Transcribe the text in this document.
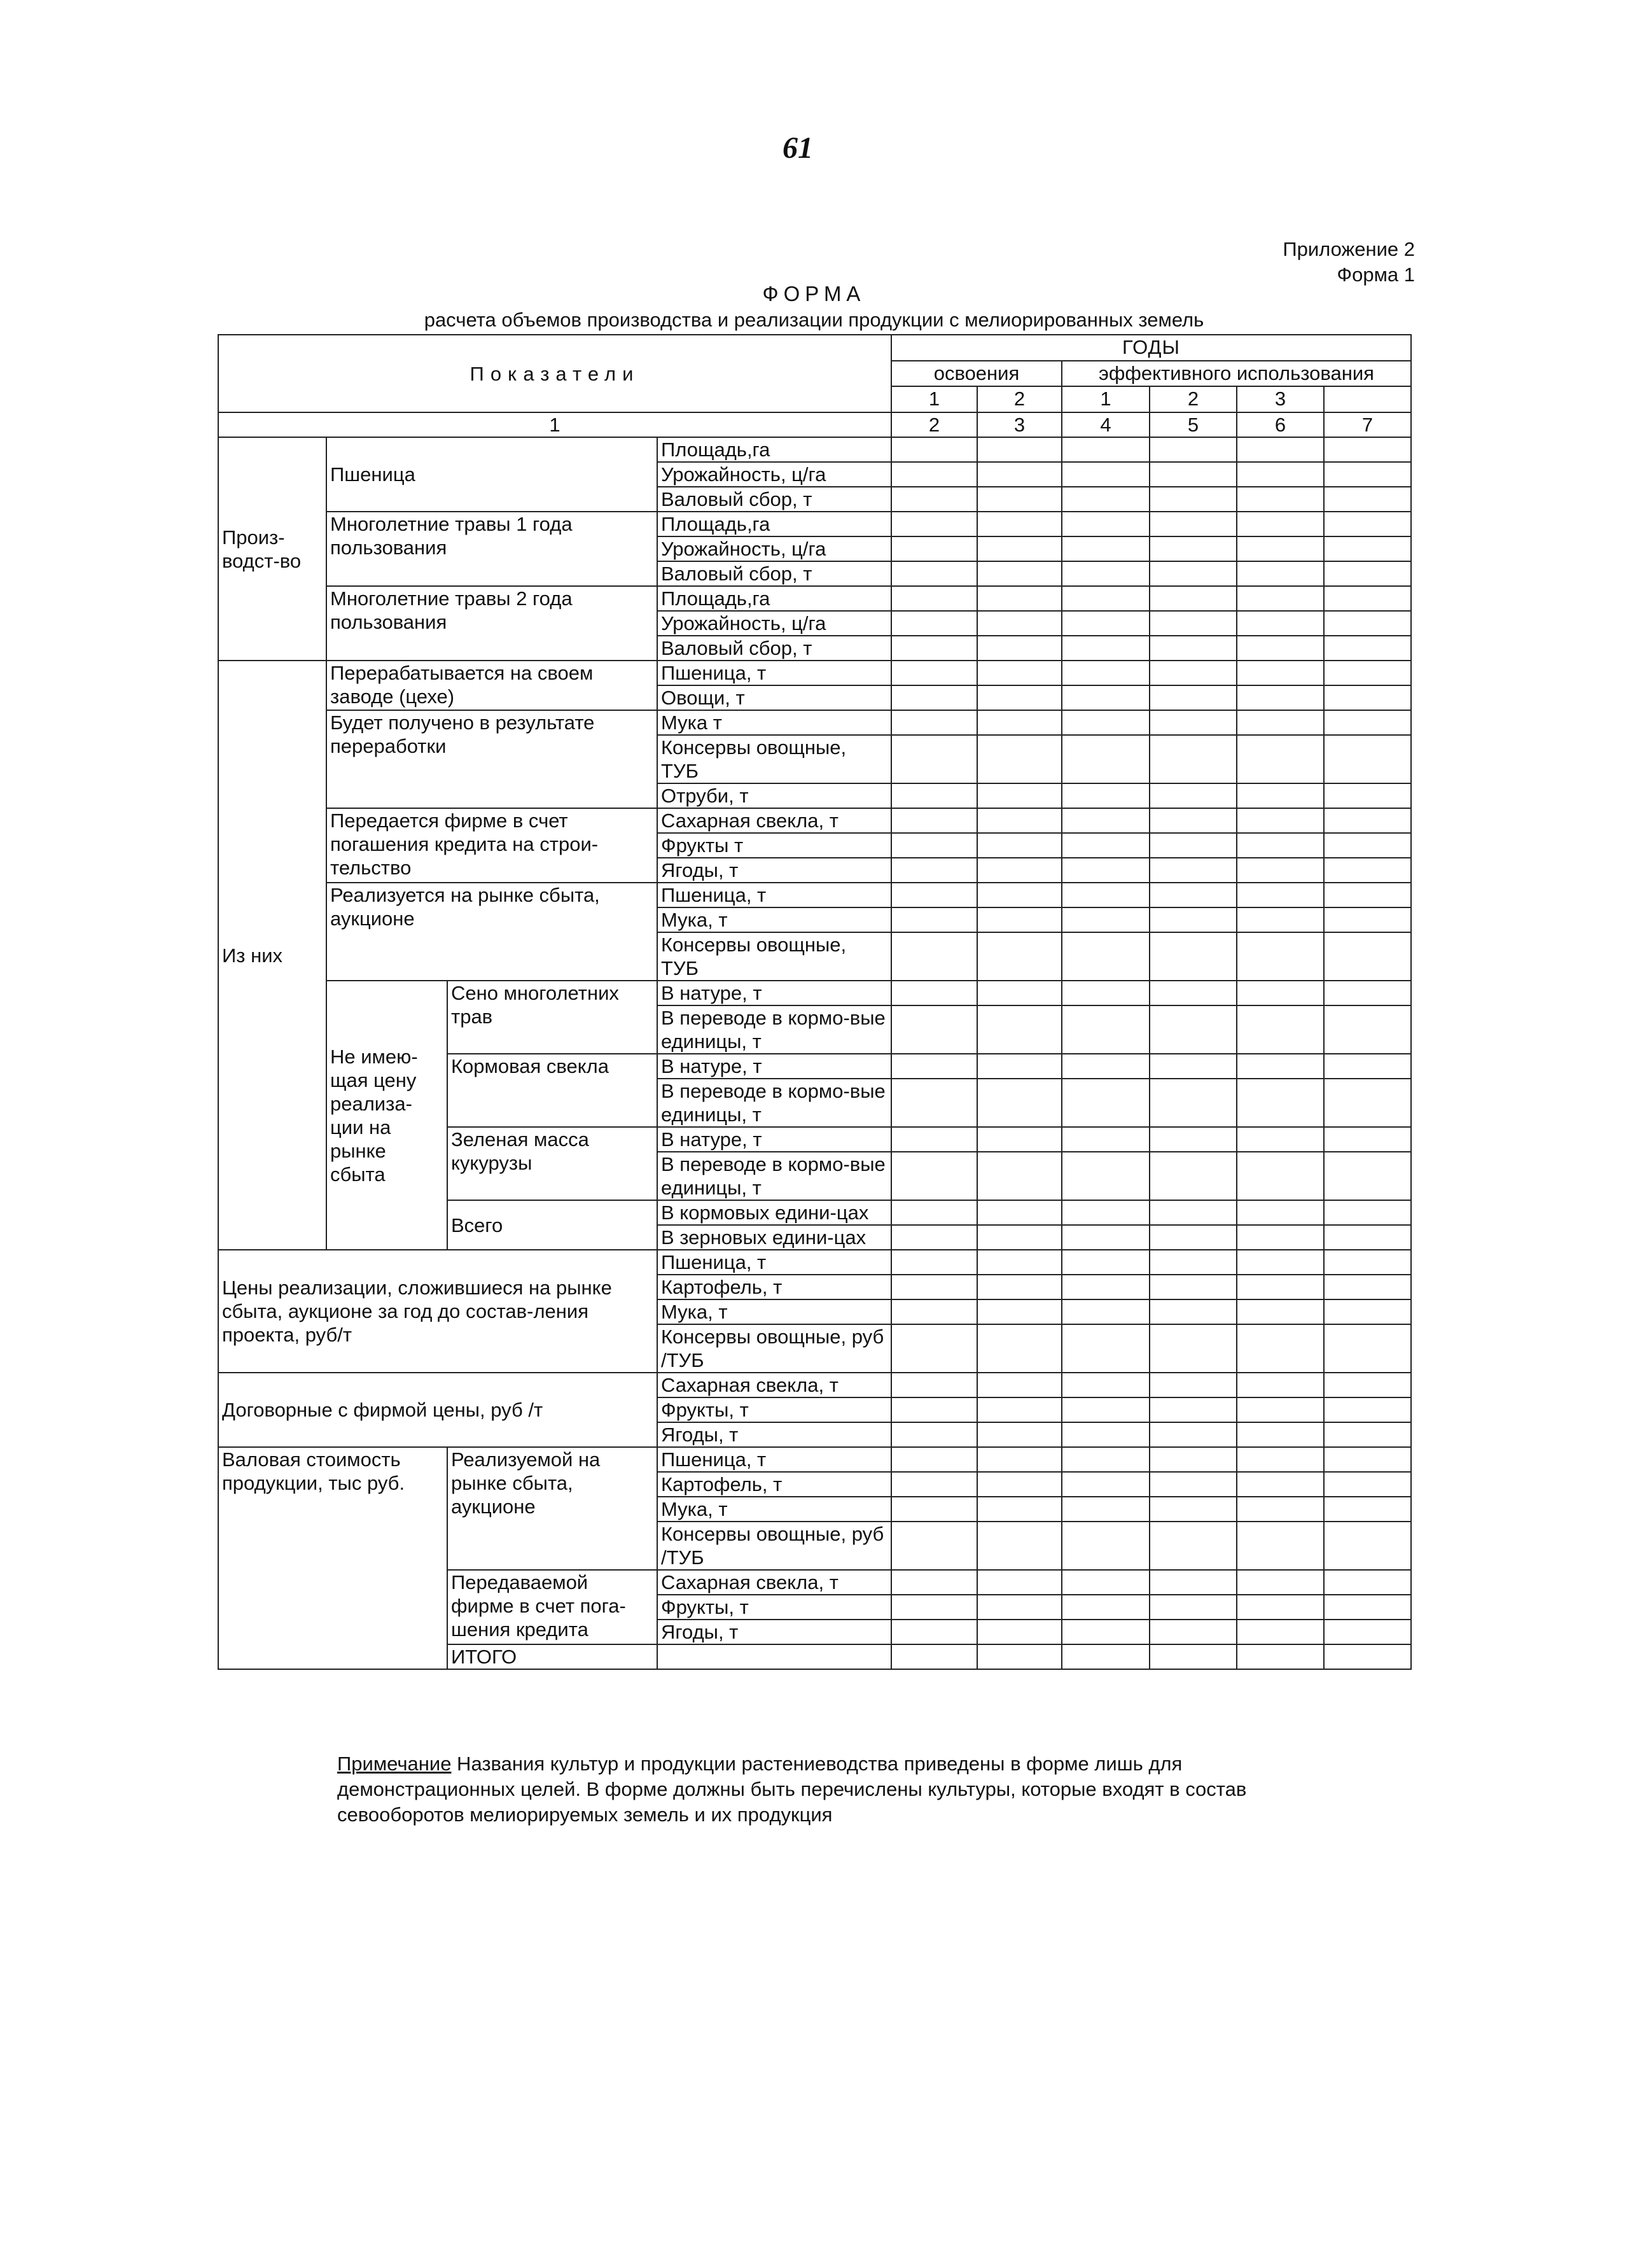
61
Приложение 2
Форма 1
ФОРМА
расчета объемов производства и реализации продукции с мелиорированных земель
Показатели				ГОДЫ					
				освоения		эффективного использования			
				1	2	1	2	3	
1				2	3	4	5	6	7
Произ-водст-во	Пшеница		Площадь,га						
			Урожайность, ц/га						
			Валовый сбор, т						
	Многолетние травы 1 года пользования		Площадь,га						
			Урожайность, ц/га						
			Валовый сбор, т						
	Многолетние травы 2 года пользования		Площадь,га						
			Урожайность, ц/га						
			Валовый сбор, т						
Из них	Перерабатывается на своем заводе (цехе)		Пшеница, т						
			Овощи, т						
	Будет получено в результате переработки		Мука т						
			Консервы овощные, ТУБ						
			Отруби, т						
	Передается фирме в счет погашения кредита на строи-тельство		Сахарная свекла, т						
			Фрукты т						
			Ягоды, т						
	Реализуется на рынке сбыта, аукционе		Пшеница, т						
			Мука, т						
			Консервы овощные, ТУБ						
	Не имею-щая цену реализа-ции на рынке сбыта	Сено многолетних трав	В натуре, т						
			В переводе в кормо-вые единицы, т						
		Кормовая свекла	В натуре, т						
			В переводе в кормо-вые единицы, т						
		Зеленая масса кукурузы	В натуре, т						
			В переводе в кормо-вые единицы, т						
		Всего	В кормовых едини-цах						
			В зерновых едини-цах						
Цены реализации, сложившиеся на рынке сбыта, аукционе за год до состав-ления проекта, руб/т			Пшеница, т						
			Картофель, т						
			Мука, т						
			Консервы овощные, руб /ТУБ						
Договорные с фирмой цены, руб /т			Сахарная свекла, т						
			Фрукты, т						
			Ягоды, т						
Валовая стоимость продукции, тыс руб.		Реализуемой на рынке сбыта, аукционе	Пшеница, т						
			Картофель, т						
			Мука, т						
			Консервы овощные, руб /ТУБ						
		Передаваемой фирме в счет пога-шения кредита	Сахарная свекла, т						
			Фрукты, т						
			Ягоды, т						
		ИТОГО							
Примечание Названия культур и продукции растениеводства приведены в форме лишь для демонстрационных целей. В форме должны быть перечислены культуры, которые входят в состав севооборотов мелиорируемых земель и их продукция
